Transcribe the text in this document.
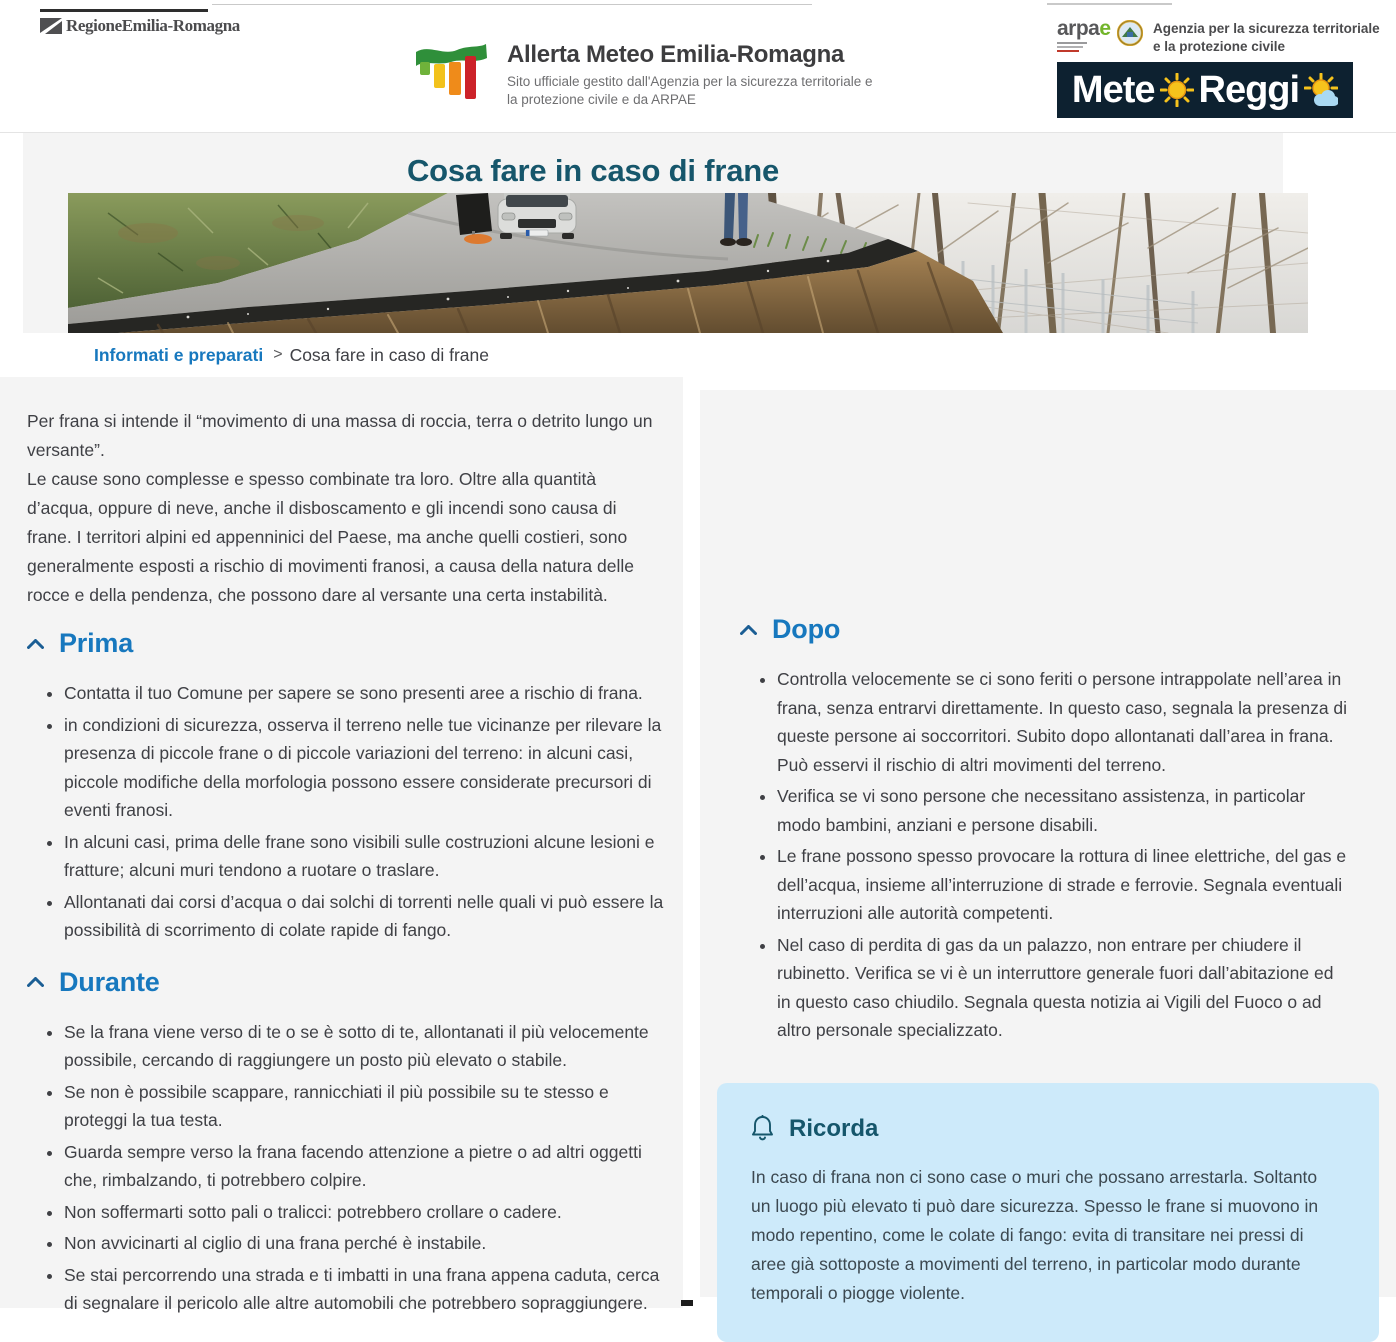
RegioneEmilia-Romagna
Allerta Meteo Emilia-Romagna
Sito ufficiale gestito dall'Agenzia per la sicurezza territoriale e la protezione civile e da ARPAE
arpae	Agenzia per la sicurezza territoriale e la protezione civile
Mete Reggi
Cosa fare in caso di frane
Informati e preparati > Cosa fare in caso di frane

Per frana si intende il “movimento di una massa di roccia, terra o detrito lungo un versante”.

Le cause sono complesse e spesso combinate tra loro. Oltre alla quantità d’acqua, oppure di neve, anche il disboscamento e gli incendi sono causa di frane. I territori alpini ed appenninici del Paese, ma anche quelli costieri, sono generalmente esposti a rischio di movimenti franosi, a causa della natura delle rocce e della pendenza, che possono dare al versante una certa instabilità.

Prima
• Contatta il tuo Comune per sapere se sono presenti aree a rischio di frana.
• in condizioni di sicurezza, osserva il terreno nelle tue vicinanze per rilevare la presenza di piccole frane o di piccole variazioni del terreno: in alcuni casi, piccole modifiche della morfologia possono essere considerate precursori di eventi franosi.
• In alcuni casi, prima delle frane sono visibili sulle costruzioni alcune lesioni e fratture; alcuni muri tendono a ruotare o traslare.
• Allontanati dai corsi d’acqua o dai solchi di torrenti nelle quali vi può essere la possibilità di scorrimento di colate rapide di fango.
Durante
• Se la frana viene verso di te o se è sotto di te, allontanati il più velocemente possibile, cercando di raggiungere un posto più elevato o stabile.
• Se non è possibile scappare, rannicchiati il più possibile su te stesso e proteggi la tua testa.
• Guarda sempre verso la frana facendo attenzione a pietre o ad altri oggetti che, rimbalzando, ti potrebbero colpire.
• Non soffermarti sotto pali o tralicci: potrebbero crollare o cadere.
• Non avvicinarti al ciglio di una frana perché è instabile.
• Se stai percorrendo una strada e ti imbatti in una frana appena caduta, cerca di segnalare il pericolo alle altre automobili che potrebbero sopraggiungere.
Dopo
• Controlla velocemente se ci sono feriti o persone intrappolate nell’area in frana, senza entrarvi direttamente. In questo caso, segnala la presenza di queste persone ai soccorritori. Subito dopo allontanati dall’area in frana. Può esservi il rischio di altri movimenti del terreno.
• Verifica se vi sono persone che necessitano assistenza, in particolar modo bambini, anziani e persone disabili.
• Le frane possono spesso provocare la rottura di linee elettriche, del gas e dell’acqua, insieme all’interruzione di strade e ferrovie. Segnala eventuali interruzioni alle autorità competenti.
• Nel caso di perdita di gas da un palazzo, non entrare per chiudere il rubinetto. Verifica se vi è un interruttore generale fuori dall’abitazione ed in questo caso chiudilo. Segnala questa notizia ai Vigili del Fuoco o ad altro personale specializzato.
Ricorda

In caso di frana non ci sono case o muri che possano arrestarla. Soltanto un luogo più elevato ti può dare sicurezza. Spesso le frane si muovono in modo repentino, come le colate di fango: evita di transitare nei pressi di aree già sottoposte a movimenti del terreno, in particolar modo durante temporali o piogge violente.
